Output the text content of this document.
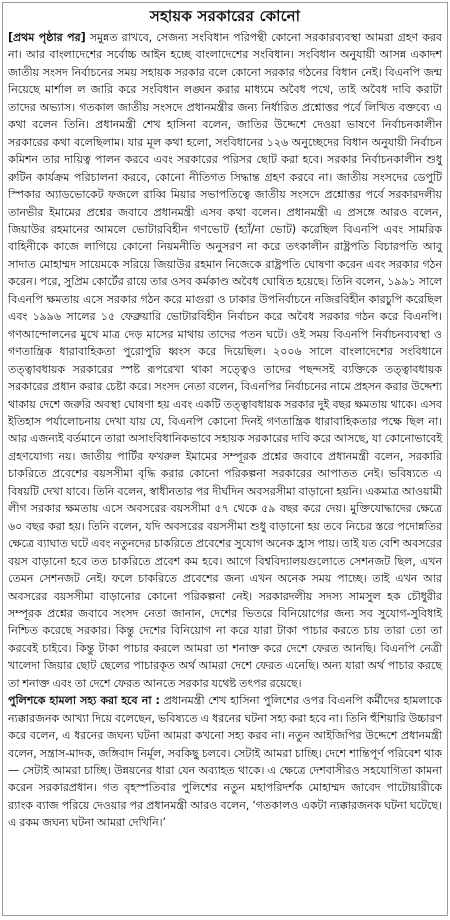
সহায়ক সরকারের কোনো

[প্রথম পৃষ্ঠার পর] সমুন্নত রাখবে, সেজন্য সংবিধান পরিপন্থী কোনো সরকারব্যবস্থা আমরা গ্রহণ করব না। আর বাংলাদেশের সর্বোচ্চ আইন হচ্ছে বাংলাদেশের সংবিধান। সংবিধান অনুযায়ী আসন্ন একাদশ জাতীয় সংসদ নির্বাচনের সময় সহায়ক সরকার বলে কোনো সরকার গঠনের বিধান নেই। বিএনপি জন্ম নিয়েছে মার্শাল ল জারি করে সংবিধান লঙ্ঘন করার মাধ্যমে অবৈধ পথে, তাই অবৈধ দাবি করাটা তাদের অভ্যাস। গতকাল জাতীয় সংসদে প্রধানমন্ত্রীর জন্য নির্ধারিত প্রশ্নোত্তর পর্বে লিখিত বক্তব্যে এ কথা বলেন তিনি। প্রধানমন্ত্রী শেখ হাসিনা বলেন, জাতির উদ্দেশে দেওয়া ভাষণে নির্বাচনকালীন সরকারের কথা বলেছিলাম। যার মূল কথা হলো, সংবিধানের ১২৬ অনুচ্ছেদের বিধান অনুযায়ী নির্বাচন কমিশন তার দায়িত্ব পালন করবে এবং সরকারের পরিসর ছোট করা হবে। সরকার নির্বাচনকালীন শুধু রুটিন কার্যক্রম পরিচালনা করবে, কোনো নীতিগত সিদ্ধান্ত গ্রহণ করবে না। জাতীয় সংসদের ডেপুটি স্পিকার অ্যাডভোকেট ফজলে রাব্বি মিয়ার সভাপতিত্বে জাতীয় সংসদে প্রশ্নোত্তর পর্বে সরকারদলীয় তানভীর ইমামের প্রশ্নের জবাবে প্রধানমন্ত্রী এসব কথা বলেন। প্রধানমন্ত্রী এ প্রসঙ্গে আরও বলেন, জিয়াউর রহমানের আমলে ভোটারবিহীন গণভোট (হ্যাঁ/না ভোট) করেছিল বিএনপি এবং সামরিক বাহিনীকে কাজে লাগিয়ে কোনো নিয়মনীতি অনুসরণ না করে তৎকালীন রাষ্ট্রপতি বিচারপতি আবু সাদাত মোহাম্মদ সায়েমকে সরিয়ে জিয়াউর রহমান নিজেকে রাষ্ট্রপতি ঘোষণা করেন এবং সরকার গঠন করেন। পরে, সুপ্রিম কোর্টের রায়ে তার ওসব কর্মকাণ্ড অবৈধ ঘোষিত হয়েছে। তিনি বলেন, ১৯৯১ সালে বিএনপি ক্ষমতায় এসে সরকার গঠন করে মাগুরা ও ঢাকার উপনির্বাচনে নজিরবিহীন কারচুপি করেছিল এবং ১৯৯৬ সালের ১৫ ফেব্রুয়ারি ভোটারবিহীন নির্বাচন করে অবৈধ সরকার গঠন করে বিএনপি। গণআন্দোলনের মুখে মাত্র দেড় মাসের মাথায় তাদের পতন ঘটে। ওই সময় বিএনপি নির্বাচনব্যবস্থা ও গণতান্ত্রিক ধারাবাহিকতা পুরোপুরি ধ্বংস করে দিয়েছিল। ২০০৬ সালে বাংলাদেশের সংবিধানে তত্ত্বাবধায়ক সরকারের স্পষ্ট রূপরেখা থাকা সত্ত্বেও তাদের পছন্দসই ব্যক্তিকে তত্ত্বাবধায়ক সরকারের প্রধান করার চেষ্টা করে। সংসদ নেতা বলেন, বিএনপির নির্বাচনের নামে প্রহসন করার উদ্দেশ্য থাকায় দেশে জরুরি অবস্থা ঘোষণা হয় এবং একটি তত্ত্বাবধায়ক সরকার দুই বছর ক্ষমতায় থাকে। এসব ইতিহাস পর্যালোচনায় দেখা যায় যে, বিএনপি কোনো দিনই গণতান্ত্রিক ধারাবাহিকতার পক্ষে ছিল না। আর এজন্যই বর্তমানে তারা অসাংবিধানিকভাবে সহায়ক সরকারের দাবি করে আসছে, যা কোনোভাবেই গ্রহণযোগ্য নয়। জাতীয় পার্টির ফখরুল ইমামের সম্পূরক প্রশ্নের জবাবে প্রধানমন্ত্রী বলেন, সরকারি চাকরিতে প্রবেশের বয়সসীমা বৃদ্ধি করার কোনো পরিকল্পনা সরকারের আপাতত নেই। ভবিষ্যতে এ বিষয়টি দেখা যাবে। তিনি বলেন, স্বাধীনতার পর দীর্ঘদিন অবসরসীমা বাড়ানো হয়নি। একমাত্র আওয়ামী লীগ সরকার ক্ষমতায় এসে অবসরের বয়সসীমা ৫৭ থেকে ৫৯ বছর করে দেয়। মুক্তিযোদ্ধাদের ক্ষেত্রে ৬০ বছর করা হয়। তিনি বলেন, যদি অবসরের বয়সসীমা শুধু বাড়ানো হয় তবে নিচের স্তরে পদোন্নতির ক্ষেত্রে ব্যাঘাত ঘটে এবং নতুনদের চাকরিতে প্রবেশের সুযোগ অনেক হ্রাস পায়। তাই যত বেশি অবসরের বয়স বাড়ানো হবে তত চাকরিতে প্রবেশ কম হবে। আগে বিশ্ববিদ্যালয়গুলোতে সেশনজট ছিল, এখন তেমন সেশনজট নেই। ফলে চাকরিতে প্রবেশের জন্য এখন অনেক সময় পাচ্ছে। তাই এখন আর অবসরের বয়সসীমা বাড়ানোর কোনো পরিকল্পনা নেই। সরকারদলীয় সদস্য সামসুল হক চৌধুরীর সম্পূরক প্রশ্নের জবাবে সংসদ নেতা জানান, দেশের ভিতরে বিনিয়োগের জন্য সব সুযোগ-সুবিধাই নিশ্চিত করেছে সরকার। কিন্তু দেশের বিনিয়োগ না করে যারা টাকা পাচার করতে চায় তারা তো তা করবেই চাইবে। কিন্তু টাকা পাচার করলে আমরা তা শনাক্ত করে দেশে ফেরত আনছি। বিএনপি নেত্রী খালেদা জিয়ার ছোট ছেলের পাচারকৃত অর্থ আমরা দেশে ফেরত এনেছি। অন্য যারা অর্থ পাচার করছে তা শনাক্ত এবং তা দেশে ফেরত আনতে সরকার যথেষ্ট তৎপর রয়েছে।

পুলিশকে হামলা সহ্য করা হবে না : প্রধানমন্ত্রী শেখ হাসিনা পুলিশের ওপর বিএনপি কর্মীদের হামলাকে ন্যক্কারজনক আখ্যা দিয়ে বলেছেন, ভবিষ্যতে এ ধরনের ঘটনা সহ্য করা হবে না। তিনি হুঁশিয়ারি উচ্চারণ করে বলেন, এ ধরনের জঘন্য ঘটনা আমরা কখনো সহ্য করব না। নতুন আইজিপির উদ্দেশে প্রধানমন্ত্রী বলেন, সন্ত্রাস-মাদক, জঙ্গিবাদ নির্মূল, সবকিছু চলবে। সেটাই আমরা চাচ্ছি। দেশে শান্তিপূর্ণ পরিবেশ থাক— সেটাই আমরা চাচ্ছি। উন্নয়নের ধারা যেন অব্যাহত থাকে। এ ক্ষেত্রে দেশবাসীরও সহযোগিতা কামনা করেন সরকারপ্রধান। গত বৃহস্পতিবার পুলিশের নতুন মহাপরিদর্শক মোহাম্মদ জাবেদ পাটোয়ারীকে র‌্যাংক ব্যাজ পরিয়ে দেওয়ার পর প্রধানমন্ত্রী আরও বলেন, ‘গতকালও একটা ন্যক্কারজনক ঘটনা ঘটেছে। এ রকম জঘন্য ঘটনা আমরা দেখিনি।’
